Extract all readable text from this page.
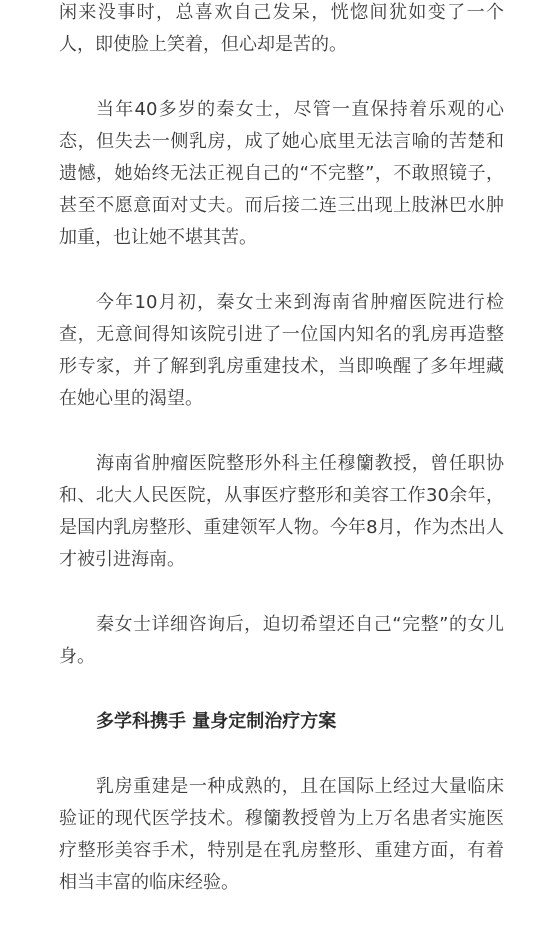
闲来没事时，总喜欢自己发呆，恍惚间犹如变了一个人，即使脸上笑着，但心却是苦的。

当年40多岁的秦女士，尽管一直保持着乐观的心态，但失去一侧乳房，成了她心底里无法言喻的苦楚和遗憾，她始终无法正视自己的“不完整”，不敢照镜子，甚至不愿意面对丈夫。而后接二连三出现上肢淋巴水肿加重，也让她不堪其苦。

今年10月初，秦女士来到海南省肿瘤医院进行检查，无意间得知该院引进了一位国内知名的乳房再造整形专家，并了解到乳房重建技术，当即唤醒了多年埋藏在她心里的渴望。

海南省肿瘤医院整形外科主任穆籣教授，曾任职协和、北大人民医院，从事医疗整形和美容工作30余年，是国内乳房整形、重建领军人物。今年8月，作为杰出人才被引进海南。

秦女士详细咨询后，迫切希望还自己“完整”的女儿身。

多学科携手 量身定制治疗方案

乳房重建是一种成熟的，且在国际上经过大量临床验证的现代医学技术。穆籣教授曾为上万名患者实施医疗整形美容手术，特别是在乳房整形、重建方面，有着相当丰富的临床经验。
